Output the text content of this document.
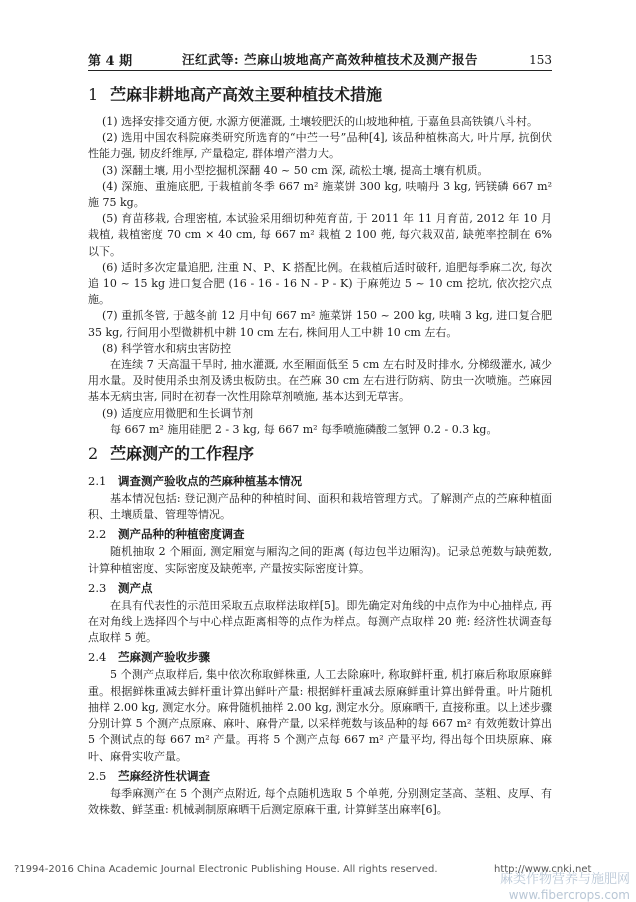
第 4 期	汪红武等: 苎麻山坡地高产高效种植技术及测产报告	153
1 苎麻非耕地高产高效主要种植技术措施

(1) 选择安排交通方便, 水源方便灌溉, 土壤较肥沃的山坡地种植, 于嘉鱼县高铁镇八斗村。

(2) 选用中国农科院麻类研究所选育的“中苎一号”品种[4], 该品种植株高大, 叶片厚, 抗倒伏性能力强, 韧皮纤维厚, 产量稳定, 群体增产潜力大。

(3) 深翻土壤, 用小型挖掘机深翻 40 ~ 50 cm 深, 疏松土壤, 提高土壤有机质。

(4) 深施、重施底肥, 于栽植前冬季 667 m² 施菜饼 300 kg, 呋喃丹 3 kg, 钙镁磷 667 m² 施 75 kg。

(5) 育苗移栽, 合理密植, 本试验采用细切种苑育苗, 于 2011 年 11 月育苗, 2012 年 10 月栽植, 栽植密度 70 cm × 40 cm, 每 667 m² 栽植 2 100 蔸, 每穴栽双苗, 缺蔸率控制在 6% 以下。

(6) 适时多次定量追肥, 注重 N、P、K 搭配比例。在栽植后适时破秆, 追肥每季麻二次, 每次追 10 ~ 15 kg 进口复合肥 (16 - 16 - 16 N - P - K) 于麻蔸边 5 ~ 10 cm 挖坑, 依次挖穴点施。

(7) 重抓冬管, 于越冬前 12 月中旬 667 m² 施菜饼 150 ~ 200 kg, 呋喃 3 kg, 进口复合肥 35 kg, 行间用小型微耕机中耕 10 cm 左右, 株间用人工中耕 10 cm 左右。

(8) 科学管水和病虫害防控

在连续 7 天高温干旱时, 抽水灌溉, 水至厢面低至 5 cm 左右时及时排水, 分梯级灌水, 减少用水量。及时使用杀虫剂及诱虫板防虫。在苎麻 30 cm 左右进行防病、防虫一次喷施。苎麻园基本无病虫害, 同时在初春一次性用除草剂喷施, 基本达到无草害。

(9) 适度应用微肥和生长调节剂

每 667 m² 施用硅肥 2 - 3 kg, 每 667 m² 每季喷施磷酸二氢钾 0.2 - 0.3 kg。

2 苎麻测产的工作程序
2.1 调查测产验收点的苎麻种植基本情况

基本情况包括: 登记测产品种的种植时间、面积和栽培管理方式。了解测产点的苎麻种植面积、土壤质量、管理等情况。

2.2 测产品种的种植密度调查

随机抽取 2 个厢面, 测定厢宽与厢沟之间的距离 (每边包半边厢沟)。记录总蔸数与缺蔸数, 计算种植密度、实际密度及缺蔸率, 产量按实际密度计算。

2.3 测产点

在具有代表性的示范田采取五点取样法取样[5]。即先确定对角线的中点作为中心抽样点, 再在对角线上选择四个与中心样点距离相等的点作为样点。每测产点取样 20 蔸: 经济性状调查每点取样 5 蔸。

2.4 苎麻测产验收步骤

5 个测产点取样后, 集中依次称取鲜株重, 人工去除麻叶, 称取鲜杆重, 机打麻后称取原麻鲜重。根据鲜株重减去鲜杆重计算出鲜叶产量: 根据鲜杆重减去原麻鲜重计算出鲜骨重。叶片随机抽样 2.00 kg, 测定水分。麻骨随机抽样 2.00 kg, 测定水分。原麻晒干, 直接称重。以上述步骤分别计算 5 个测产点原麻、麻叶、麻骨产量, 以采样蔸数与该品种的每 667 m² 有效蔸数计算出 5 个测试点的每 667 m² 产量。再将 5 个测产点每 667 m² 产量平均, 得出每个田块原麻、麻叶、麻骨实收产量。

2.5 苎麻经济性状调查

每季麻测产在 5 个测产点附近, 每个点随机选取 5 个单蔸, 分别测定茎高、茎粗、皮厚、有效株数、鲜茎重: 机械剥制原麻晒干后测定原麻干重, 计算鲜茎出麻率[6]。

?1994-2016 China Academic Journal Electronic Publishing House. All rights reserved.	http://www.cnki.net
麻类作物营养与施肥网
www.fibercrops.com
